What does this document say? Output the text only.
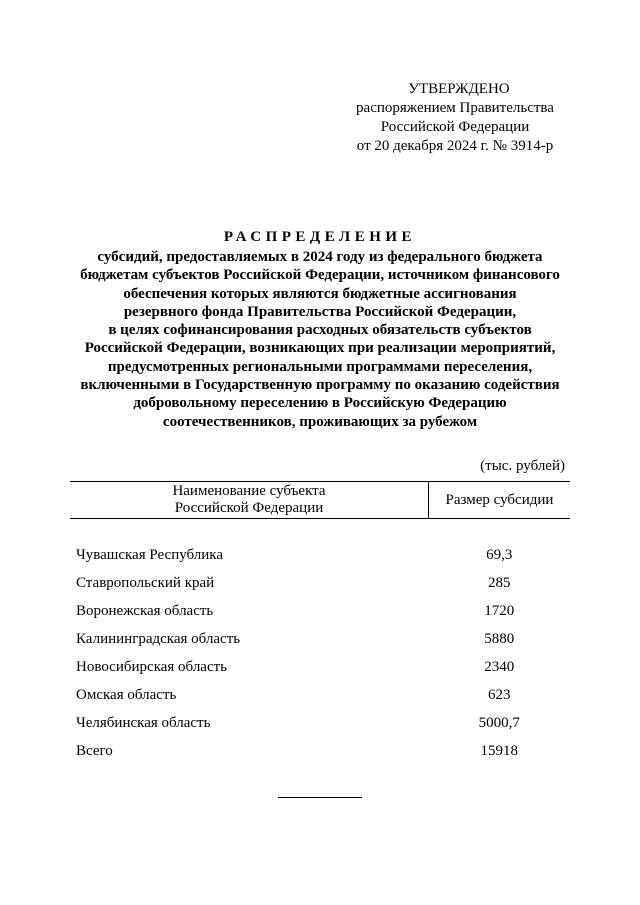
УТВЕРЖДЕНО
распоряжением Правительства
Российской Федерации
от 20 декабря 2024 г. № 3914-р
РАСПРЕДЕЛЕНИЕ
субсидий, предоставляемых в 2024 году из федерального бюджета
бюджетам субъектов Российской Федерации, источником финансового
обеспечения которых являются бюджетные ассигнования
резервного фонда Правительства Российской Федерации,
в целях софинансирования расходных обязательств субъектов
Российской Федерации, возникающих при реализации мероприятий,
предусмотренных региональными программами переселения,
включенными в Государственную программу по оказанию содействия
добровольному переселению в Российскую Федерацию
соотечественников, проживающих за рубежом
(тыс. рублей)
Наименование субъекта
Российской Федерации	Размер субсидии
Чувашская Республика	69,3
Ставропольский край	285
Воронежская область	1720
Калининградская область	5880
Новосибирская область	2340
Омская область	623
Челябинская область	5000,7
Всего	15918
